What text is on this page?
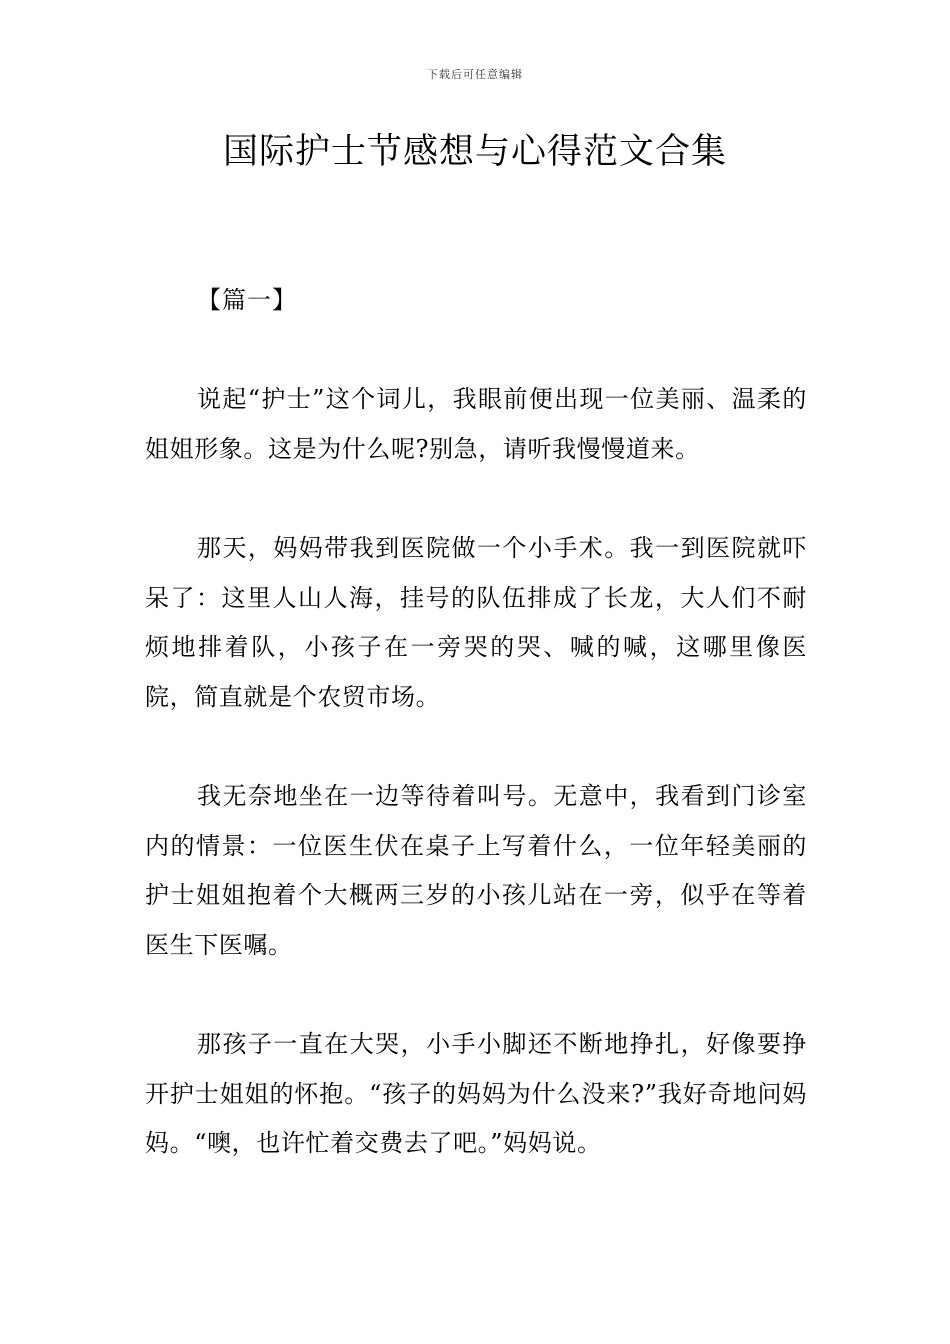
下载后可任意编辑
国际护士节感想与心得范文合集
【篇一】

说起“护士”这个词儿，我眼前便出现一位美丽、温柔的姐姐形象。这是为什么呢?别急，请听我慢慢道来。

那天，妈妈带我到医院做一个小手术。我一到医院就吓呆了：这里人山人海，挂号的队伍排成了长龙，大人们不耐烦地排着队，小孩子在一旁哭的哭、喊的喊，这哪里像医院，简直就是个农贸市场。

我无奈地坐在一边等待着叫号。无意中，我看到门诊室内的情景：一位医生伏在桌子上写着什么，一位年轻美丽的护士姐姐抱着个大概两三岁的小孩儿站在一旁，似乎在等着医生下医嘱。

那孩子一直在大哭，小手小脚还不断地挣扎，好像要挣开护士姐姐的怀抱。“孩子的妈妈为什么没来?”我好奇地问妈妈。“噢，也许忙着交费去了吧。”妈妈说。
